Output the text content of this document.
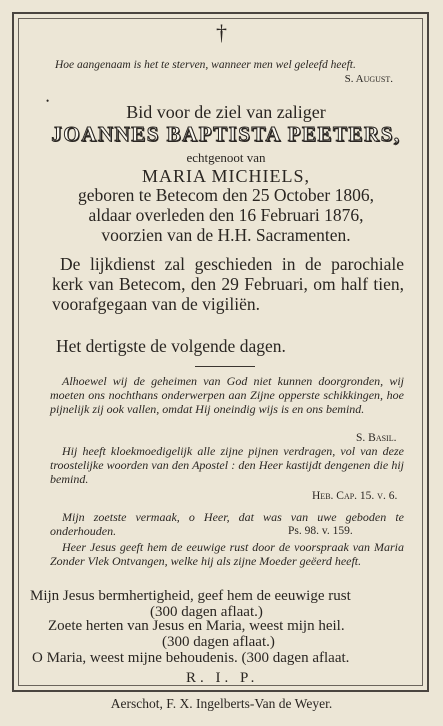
†
Hoe aangenaam is het te sterven, wanneer men wel geleefd heeft.
S. August.
•
Bid voor de ziel van zaliger
JOANNES BAPTISTA PEETERS,
echtgenoot van
MARIA MICHIELS,
geboren te Betecom den 25 October 1806,
aldaar overleden den 16 Februari 1876,
voorzien van de H.H. Sacramenten.
De lijkdienst zal geschieden in de parochiale kerk van Betecom, den 29 Februari, om half tien, voorafgegaan van de vigiliën.
Het dertigste de volgende dagen.
Alhoewel wij de geheimen van God niet kunnen doorgronden, wij moeten ons nochthans onderwerpen aan Zijne opperste schikkingen, hoe pijnelijk zij ook vallen, omdat Hij oneindig wijs is en ons bemind.
S. Basil.
Hij heeft kloekmoedigelijk alle zijne pijnen verdragen, vol van deze troostelijke woorden van den Apostel : den Heer kastijdt dengenen die hij bemind.
Heb. Cap. 15. v. 6.
Mijn zoetste vermaak, o Heer, dat was van uwe geboden te onderhouden.	Ps. 98. v. 159.
Heer Jesus geeft hem de eeuwige rust door de voorspraak van Maria Zonder Vlek Ontvangen, welke hij als zijne Moeder geëerd heeft.
Mijn Jesus bermhertigheid, geef hem de eeuwige rust
(300 dagen aflaat.)
Zoete herten van Jesus en Maria, weest mijn heil.
(300 dagen aflaat.)
O Maria, weest mijne behoudenis. (300 dagen aflaat.
R. I. P.
Aerschot, F. X. Ingelberts-Van de Weyer.
